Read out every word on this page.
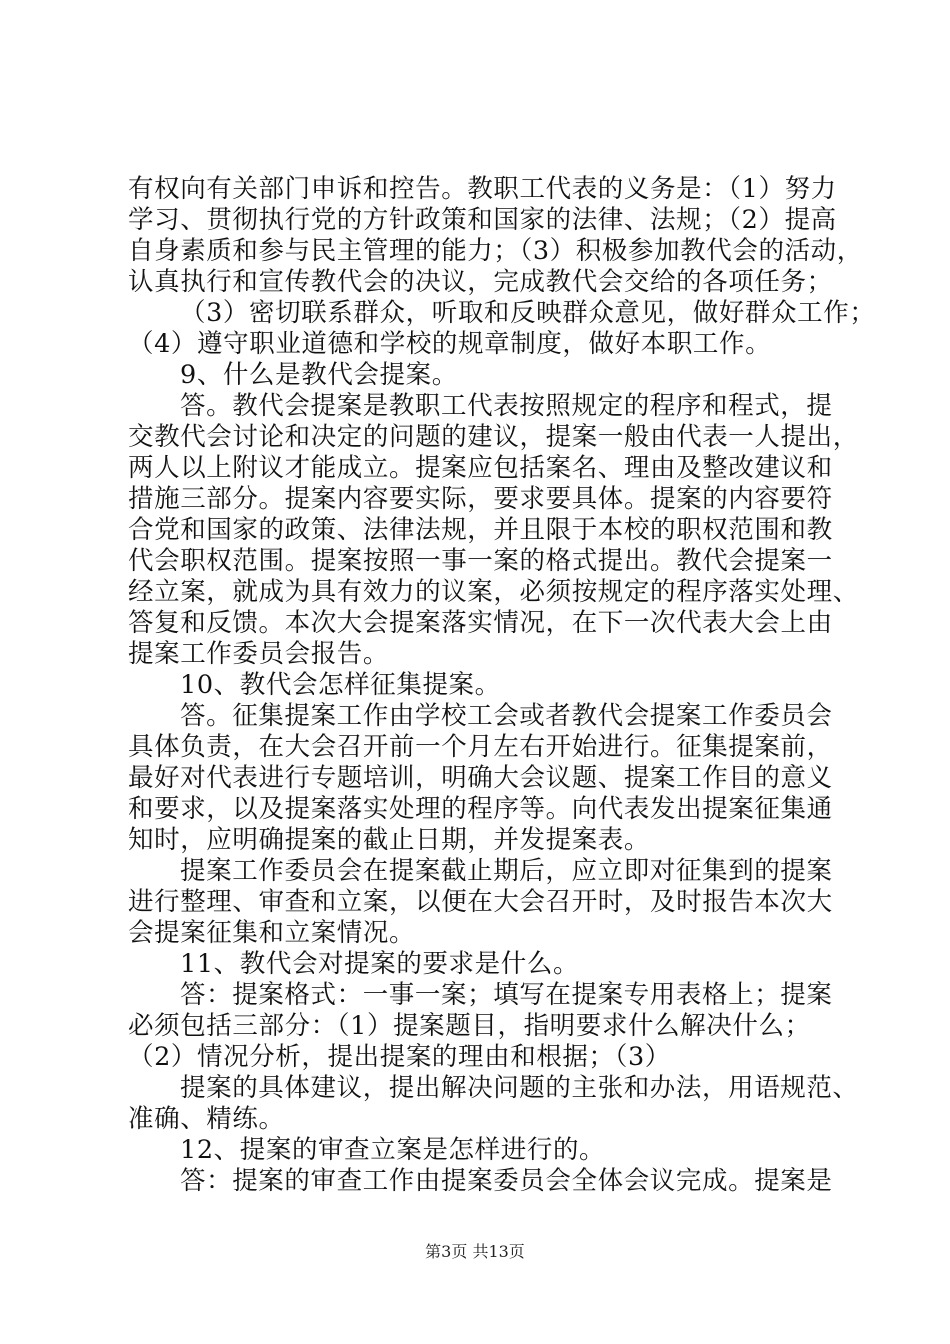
有权向有关部门申诉和控告。教职工代表的义务是：（1）努力
学习、贯彻执行党的方针政策和国家的法律、法规；（2）提高
自身素质和参与民主管理的能力；（3）积极参加教代会的活动，
认真执行和宣传教代会的决议，完成教代会交给的各项任务；
（3）密切联系群众，听取和反映群众意见，做好群众工作；
（4）遵守职业道德和学校的规章制度，做好本职工作。
9、什么是教代会提案。
答。教代会提案是教职工代表按照规定的程序和程式，提
交教代会讨论和决定的问题的建议，提案一般由代表一人提出，
两人以上附议才能成立。提案应包括案名、理由及整改建议和
措施三部分。提案内容要实际，要求要具体。提案的内容要符
合党和国家的政策、法律法规，并且限于本校的职权范围和教
代会职权范围。提案按照一事一案的格式提出。教代会提案一
经立案，就成为具有效力的议案，必须按规定的程序落实处理、
答复和反馈。本次大会提案落实情况，在下一次代表大会上由
提案工作委员会报告。
10、教代会怎样征集提案。
答。征集提案工作由学校工会或者教代会提案工作委员会
具体负责，在大会召开前一个月左右开始进行。征集提案前，
最好对代表进行专题培训，明确大会议题、提案工作目的意义
和要求，以及提案落实处理的程序等。向代表发出提案征集通
知时，应明确提案的截止日期，并发提案表。
提案工作委员会在提案截止期后，应立即对征集到的提案
进行整理、审查和立案，以便在大会召开时，及时报告本次大
会提案征集和立案情况。
11、教代会对提案的要求是什么。
答：提案格式：一事一案；填写在提案专用表格上；提案
必须包括三部分：（1）提案题目，指明要求什么解决什么；
（2）情况分析，提出提案的理由和根据；（3）
提案的具体建议，提出解决问题的主张和办法，用语规范、
准确、精练。
12、提案的审查立案是怎样进行的。
答：提案的审查工作由提案委员会全体会议完成。提案是
第3页 共13页
